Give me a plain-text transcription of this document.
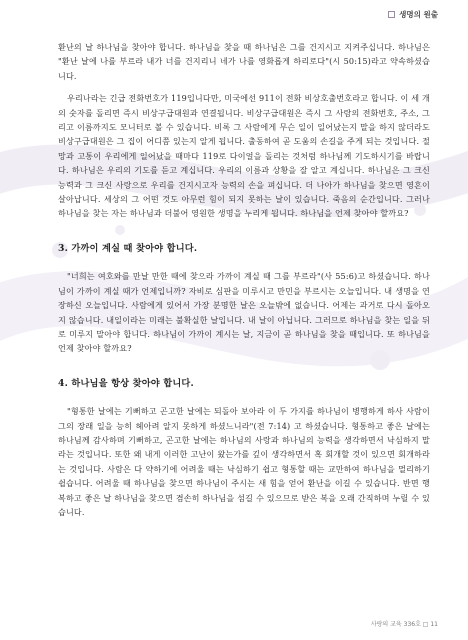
생명의 원출

환난의 날 하나님을 찾아야 합니다. 하나님을 찾을 때 하나님은 그를 건지시고 지켜주십니다. 하나님은 "환난 날에 나를 부르라 내가 너를 건지리니 네가 나를 영화롭게 하리로다"(시 50:15)라고 약속하셨습니다.

우리나라는 긴급 전화번호가 119입니다만, 미국에선 911이 전화 비상호출번호라고 합니다. 이 세 개의 숫자를 돌리면 즉시 비상구급대원과 연결됩니다. 비상구급대원은 즉시 그 사람의 전화번호, 주소, 그리고 이름까지도 모니터로 볼 수 있습니다. 비록 그 사람에게 무슨 일이 일어났는지 말을 하지 않더라도 비상구급대원은 그 집이 어디쯤 있는지 알게 됩니다. 출동하여 곧 도움의 손길을 주게 되는 것입니다. 절망과 고통이 우리에게 일어났을 때마다 119로 다이얼을 돌리는 것처럼 하나님께 기도하시기를 바랍니다. 하나님은 우리의 기도를 듣고 계십니다. 우리의 이름과 상황을 잘 알고 계십니다. 하나님은 그 크신 능력과 그 크신 사랑으로 우리를 건지시고자 능력의 손을 펴십니다. 더 나아가 하나님을 찾으면 영혼이 살아납니다. 세상의 그 어떤 것도 아무런 힘이 되지 못하는 날이 있습니다. 죽음의 순간입니다. 그러나 하나님을 찾는 자는 하나님과 더불어 영원한 생명을 누리게 됩니다. 하나님을 언제 찾아야 할까요?

3. 가까이 계실 때 찾아야 합니다.

"너희는 여호와를 만날 만한 때에 찾으라 가까이 계실 때 그를 부르라"(사 55:6)고 하셨습니다. 하나님이 가까이 계실 때가 언제입니까? 자비로 심판을 미루시고 만민을 부르시는 오늘입니다. 내 생명을 연장하신 오늘입니다. 사람에게 있어서 가장 분명한 날은 오늘밖에 없습니다. 어제는 과거로 다시 돌아오지 않습니다. 내일이라는 미래는 불확실한 날입니다. 내 날이 아닙니다. 그러므로 하나님을 찾는 일을 뒤로 미루지 말아야 합니다. 하나님이 가까이 계시는 날, 지금이 곧 하나님을 찾을 때입니다. 또 하나님을 언제 찾아야 할까요?

4. 하나님을 항상 찾아야 합니다.

"형통한 날에는 기뻐하고 곤고한 날에는 되돌아 보아라 이 두 가지를 하나님이 병행하게 하사 사람이 그의 장래 일을 능히 헤아려 알지 못하게 하셨느니라"(전 7:14) 고 하셨습니다. 형통하고 좋은 날에는 하나님께 감사하며 기뻐하고, 곤고한 날에는 하나님의 사랑과 하나님의 능력을 생각하면서 낙심하지 말라는 것입니다. 또한 왜 내게 이러한 고난이 왔는가를 깊이 생각하면서 혹 회개할 것이 있으면 회개하라는 것입니다. 사람은 다 약하기에 어려울 때는 낙심하기 쉽고 형통할 때는 교만하여 하나님을 멀리하기 쉽습니다. 어려울 때 하나님을 찾으면 하나님이 주시는 새 힘을 얻어 환난을 이길 수 있습니다. 반면 행복하고 좋은 날 하나님을 찾으면 겸손히 하나님을 섬길 수 있으므로 받은 복을 오래 간직하며 누릴 수 있습니다.

사랑의 교육 336호 □ 11
